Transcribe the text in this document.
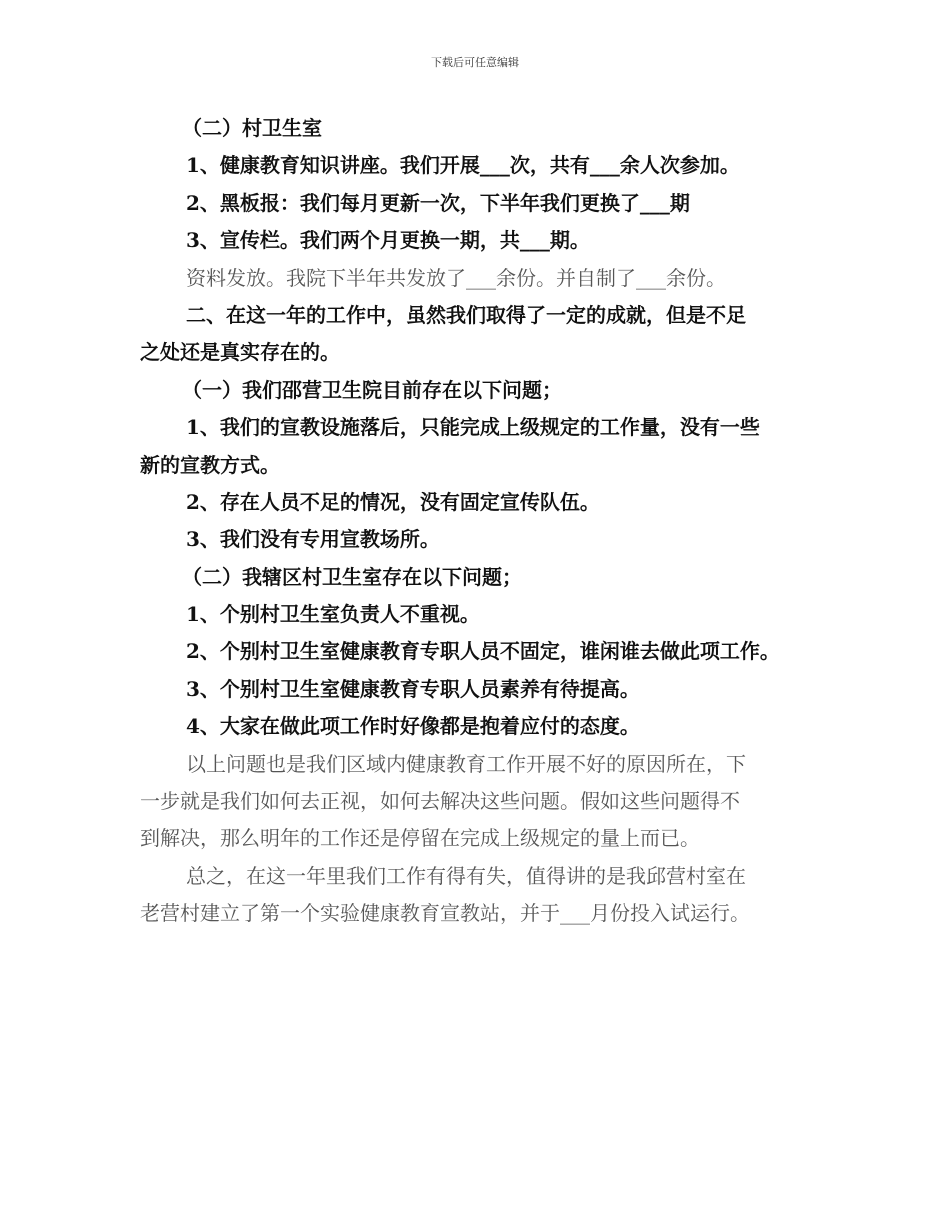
下载后可任意编辑
（二）村卫生室
1、健康教育知识讲座。我们开展___次，共有___余人次参加。
2、黑板报：我们每月更新一次，下半年我们更换了___期
3、宣传栏。我们两个月更换一期，共___期。
资料发放。我院下半年共发放了___余份。并自制了___余份。
二、在这一年的工作中，虽然我们取得了一定的成就，但是不足
之处还是真实存在的。
（一）我们邵营卫生院目前存在以下问题；
1、我们的宣教设施落后，只能完成上级规定的工作量，没有一些
新的宣教方式。
2、存在人员不足的情况，没有固定宣传队伍。
3、我们没有专用宣教场所。
（二）我辖区村卫生室存在以下问题；
1、个别村卫生室负责人不重视。
2、个别村卫生室健康教育专职人员不固定，谁闲谁去做此项工作。
3、个别村卫生室健康教育专职人员素养有待提高。
4、大家在做此项工作时好像都是抱着应付的态度。
以上问题也是我们区域内健康教育工作开展不好的原因所在，下
一步就是我们如何去正视，如何去解决这些问题。假如这些问题得不
到解决，那么明年的工作还是停留在完成上级规定的量上而已。
总之，在这一年里我们工作有得有失，值得讲的是我邱营村室在
老营村建立了第一个实验健康教育宣教站，并于___月份投入试运行。
